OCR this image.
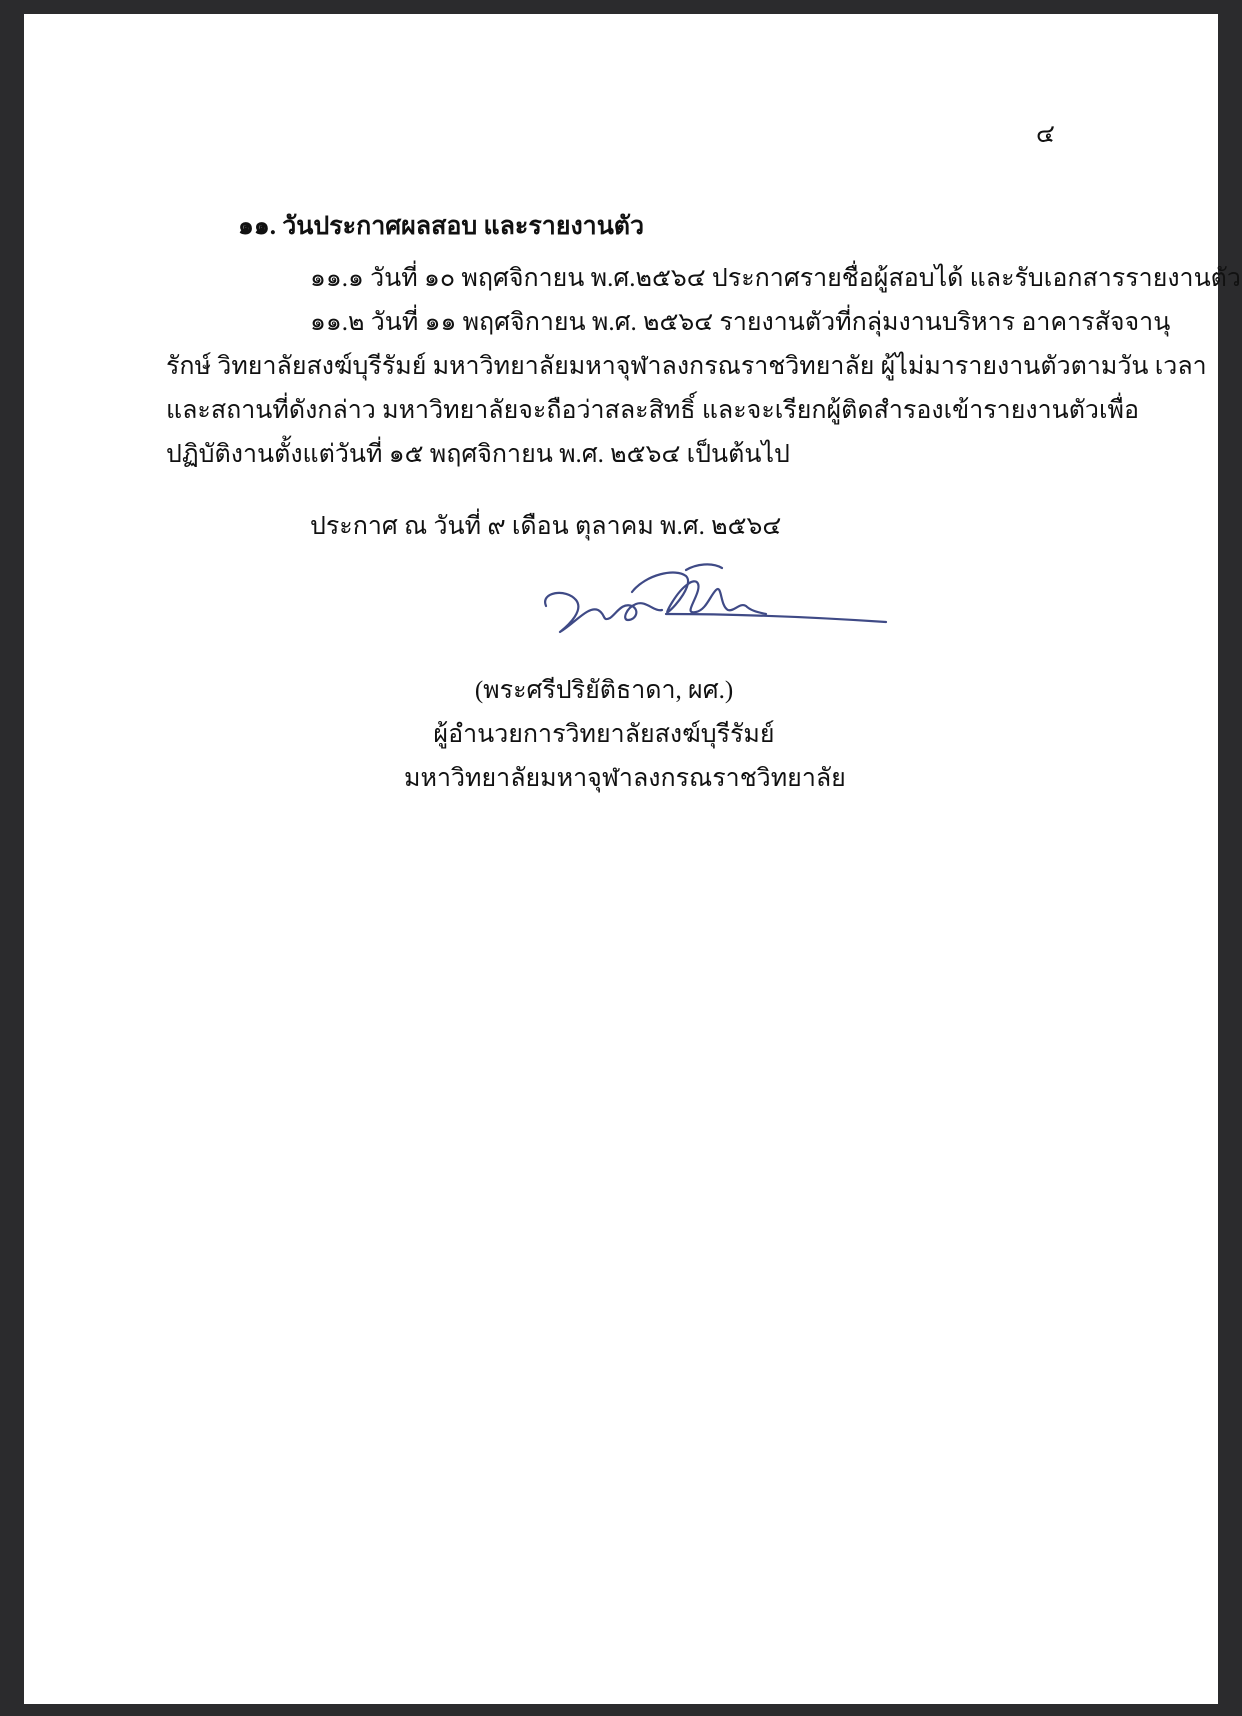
๔
๑๑. วันประกาศผลสอบ และรายงานตัว
๑๑.๑ วันที่ ๑๐ พฤศจิกายน พ.ศ.๒๕๖๔ ประกาศรายชื่อผู้สอบได้ และรับเอกสารรายงานตัว
๑๑.๒ วันที่ ๑๑ พฤศจิกายน พ.ศ. ๒๕๖๔ รายงานตัวที่กลุ่มงานบริหาร อาคารสัจจานุ
รักษ์ วิทยาลัยสงฆ์บุรีรัมย์ มหาวิทยาลัยมหาจุฬาลงกรณราชวิทยาลัย ผู้ไม่มารายงานตัวตามวัน เวลา
และสถานที่ดังกล่าว มหาวิทยาลัยจะถือว่าสละสิทธิ์ และจะเรียกผู้ติดสำรองเข้ารายงานตัวเพื่อ
ปฏิบัติงานตั้งแต่วันที่ ๑๕ พฤศจิกายน พ.ศ. ๒๕๖๔ เป็นต้นไป
ประกาศ ณ วันที่ ๙ เดือน ตุลาคม พ.ศ. ๒๕๖๔
(พระศรีปริยัติธาดา, ผศ.)
ผู้อำนวยการวิทยาลัยสงฆ์บุรีรัมย์
มหาวิทยาลัยมหาจุฬาลงกรณราชวิทยาลัย
